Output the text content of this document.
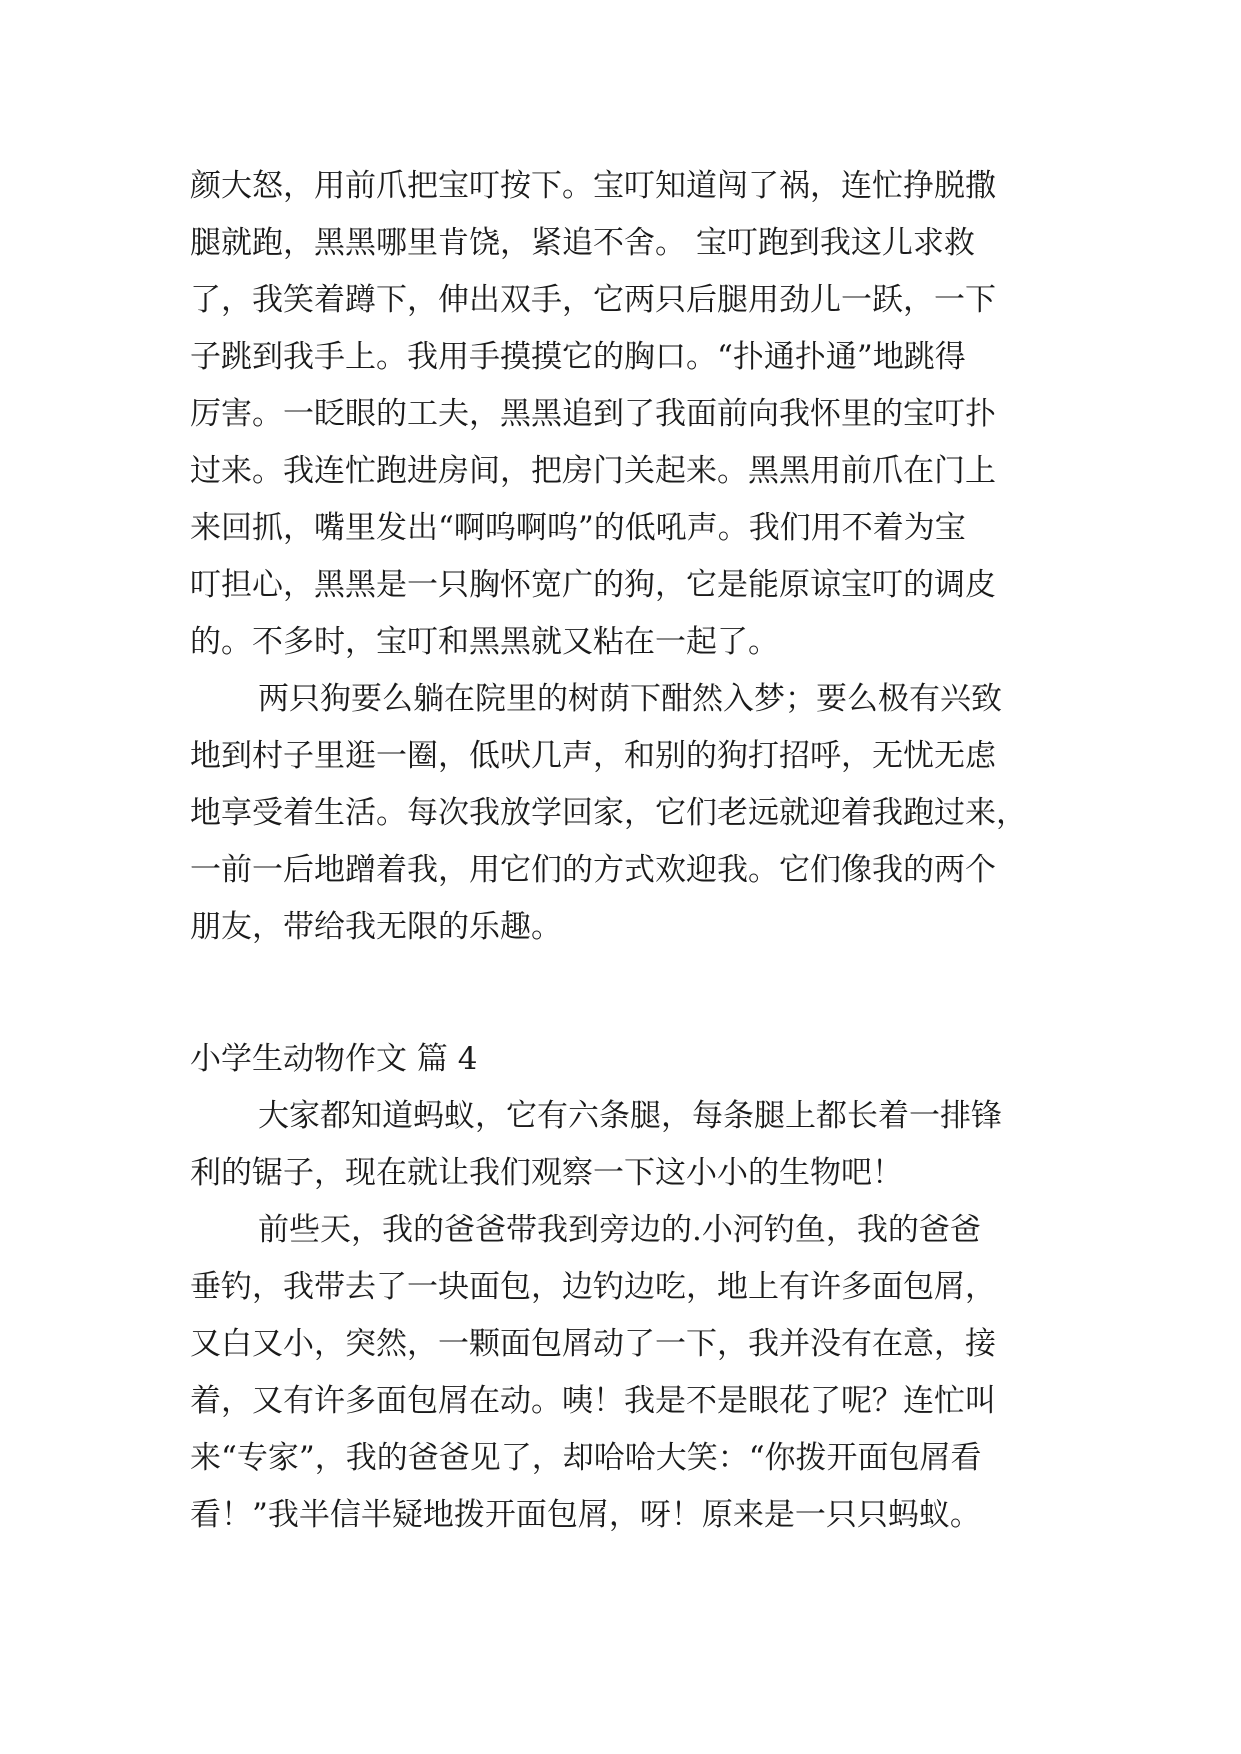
颜大怒，用前爪把宝叮按下。宝叮知道闯了祸，连忙挣脱撒

腿就跑，黑黑哪里肯饶，紧追不舍。 宝叮跑到我这儿求救

了，我笑着蹲下，伸出双手，它两只后腿用劲儿一跃，一下

子跳到我手上。我用手摸摸它的胸口。“扑通扑通”地跳得

厉害。一眨眼的工夫，黑黑追到了我面前向我怀里的宝叮扑

过来。我连忙跑进房间，把房门关起来。黑黑用前爪在门上

来回抓，嘴里发出“啊呜啊呜”的低吼声。我们用不着为宝

叮担心，黑黑是一只胸怀宽广的狗，它是能原谅宝叮的调皮

的。不多时，宝叮和黑黑就又粘在一起了。

两只狗要么躺在院里的树荫下酣然入梦；要么极有兴致

地到村子里逛一圈，低吠几声，和别的狗打招呼，无忧无虑

地享受着生活。每次我放学回家，它们老远就迎着我跑过来，

一前一后地蹭着我，用它们的方式欢迎我。它们像我的两个

朋友，带给我无限的乐趣。

小学生动物作文 篇 4

大家都知道蚂蚁，它有六条腿，每条腿上都长着一排锋

利的锯子，现在就让我们观察一下这小小的生物吧！

前些天，我的爸爸带我到旁边的.小河钓鱼，我的爸爸

垂钓，我带去了一块面包，边钓边吃，地上有许多面包屑，

又白又小，突然，一颗面包屑动了一下，我并没有在意，接

着，又有许多面包屑在动。咦！我是不是眼花了呢？连忙叫

来“专家”，我的爸爸见了，却哈哈大笑：“你拨开面包屑看

看！”我半信半疑地拨开面包屑，呀！原来是一只只蚂蚁。
